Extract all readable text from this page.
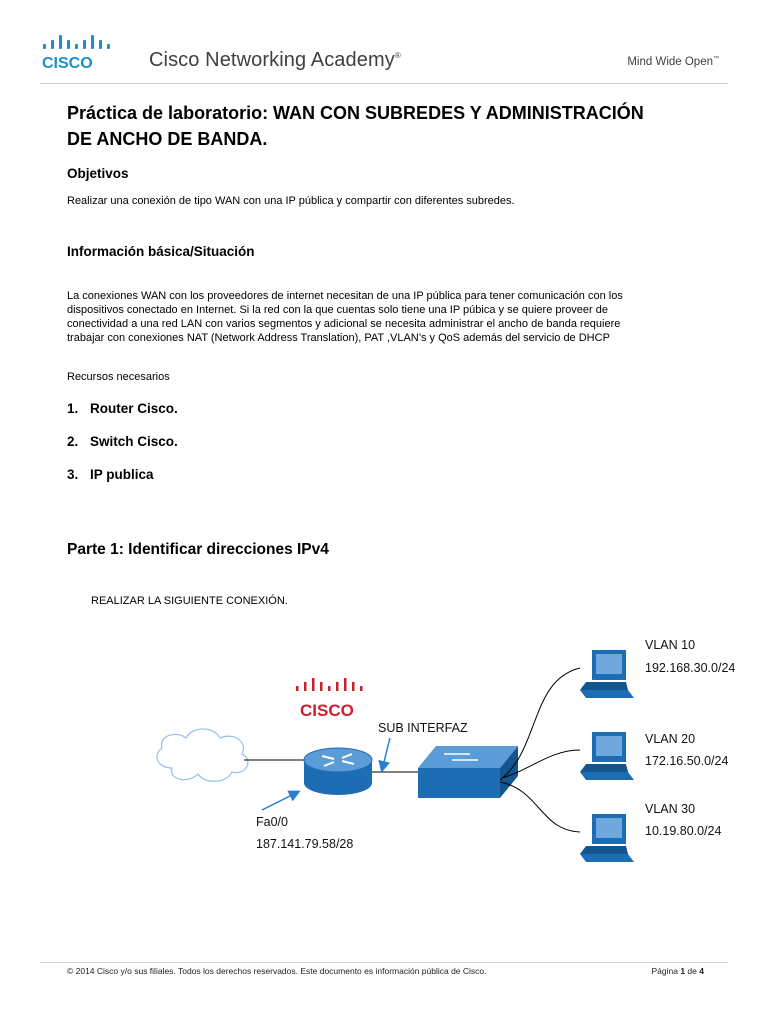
CISCO	Cisco Networking Academy®
Mind Wide Open™
Práctica de laboratorio: WAN CON SUBREDES Y ADMINISTRACIÓN DE ANCHO DE BANDA.
Objetivos
Realizar una conexión de tipo WAN con una IP pública y compartir con diferentes subredes.
Información básica/Situación
La conexiones WAN con los proveedores de internet necesitan de una IP pública para tener comunicación con los
dispositivos conectado en Internet. Si la red con la que cuentas solo tiene una IP púbica y se quiere proveer de
conectividad a una red LAN con varios segmentos y adicional se necesita administrar el ancho de banda requiere
trabajar con conexiones NAT (Network Address Translation), PAT ,VLAN’s y QoS además del servicio de DHCP
Recursos necesarios
1. Router Cisco.
2. Switch Cisco.
3. IP publica
Parte 1: Identificar direcciones IPv4
REALIZAR LA SIGUIENTE CONEXIÓN.
CISCO
SUB INTERFAZ
Fa0/0
187.141.79.58/28
VLAN 10
192.168.30.0/24
VLAN 20
172.16.50.0/24
VLAN 30
10.19.80.0/24
© 2014 Cisco y/o sus filiales. Todos los derechos reservados. Este documento es información pública de Cisco.	Página 1 de 4
